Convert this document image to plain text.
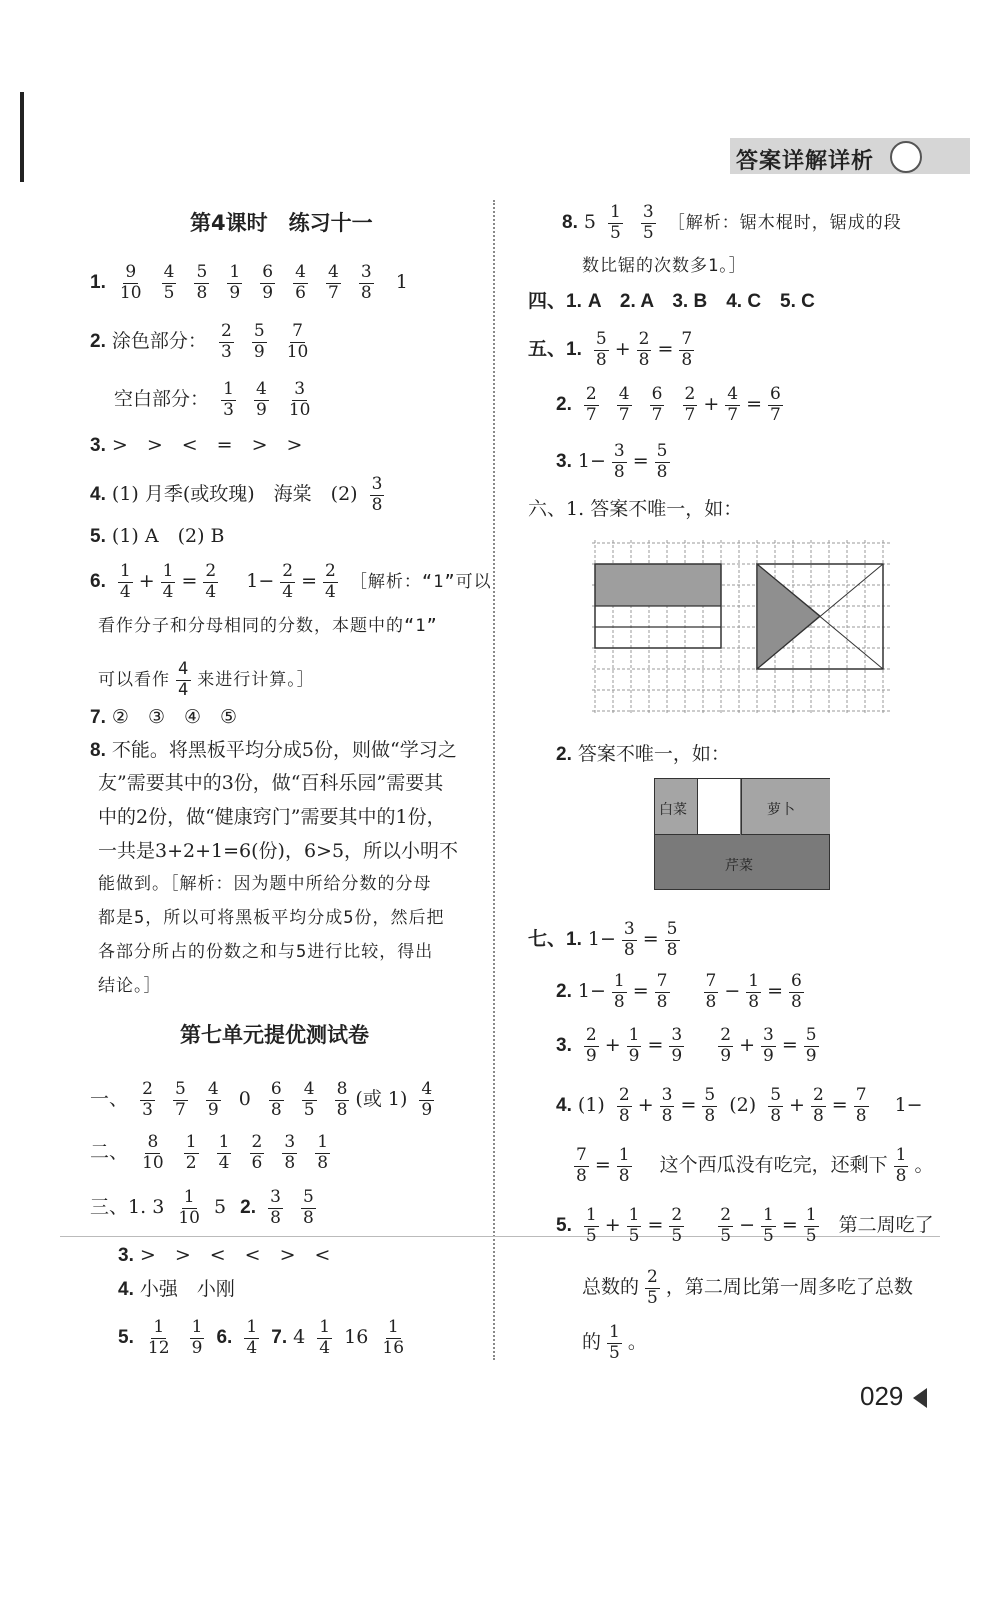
答案详解详析
第4课时　练习十一
1. $\frac{9}{10}$
$\frac{4}{5}$
$\frac{5}{8}$
$\frac{1}{9}$
$\frac{6}{9}$
$\frac{4}{6}$
$\frac{4}{7}$
$\frac{3}{8} 1$
2. 涂色部分： $\frac{2}{3}$
$\frac{5}{9}$
$\frac{7}{10}$
空白部分： $\frac{1}{3}$
$\frac{4}{9}$
$\frac{3}{10}$
3. >　>　<　=　>　>
4. (1) 月季(或玫瑰)　海棠　$(2) \frac{3}{8}$
5. (1) A　(2) B
6. $\frac{1}{4} + \frac{1}{4} = \frac{2}{4} 1- \frac{2}{4} = \frac{2}{4}$ ［解析：“1”可以
看作分子和分母相同的分数，本题中的“1”
可以看作 $\frac{4}{4}$ 来进行计算。］
7. ②　③　④　⑤
8. 不能。将黑板平均分成5份，则做“学习之
友”需要其中的3份，做“百科乐园”需要其
中的2份，做“健康窍门”需要其中的1份，
一共是3+2+1=6(份)，6>5，所以小明不
能做到。［解析：因为题中所给分数的分母
都是5，所以可将黑板平均分成5份，然后把
各部分所占的份数之和与5进行比较，得出
结论。］
第七单元提优测试卷
一、 $\frac{2}{3}$
$\frac{5}{7}$
$\frac{4}{9} 0 \frac{6}{8}$
$\frac{4}{5}$
$\frac{8}{8}$ (或 $1) \frac{4}{9}$
二、 $\frac{8}{10}$
$\frac{1}{2}$
$\frac{1}{4}$
$\frac{2}{6}$
$\frac{3}{8}$
$\frac{1}{8}$
三、1. $3 \frac{1}{10} 5$ 2. $\frac{3}{8}$
$\frac{5}{8}$
3. >　>　<　<　>　<
4. 小强　小刚
5. $\frac{1}{12}$
$\frac{1}{9} 6$. $\frac{1}{4} 7$. $4 \frac{1}{4} 16 \frac{1}{16}$
8. $5 \frac{1}{5}$
$\frac{3}{5}$ ［解析：锯木棍时，锯成的段
数比锯的次数多1。］
四、1. A　2. A　3. B　4. C　5. C
五、1. $\frac{5}{8} + \frac{2}{8} = \frac{7}{8}$
2. $\frac{2}{7}$
$\frac{4}{7}$
$\frac{6}{7}$
$\frac{2}{7} + \frac{4}{7} = \frac{6}{7}$
3. $1- \frac{3}{8} = \frac{5}{8}$
六、1. 答案不唯一，如：
2. 答案不唯一，如：
白菜	萝卜
芹菜
七、1. $1- \frac{3}{8} = \frac{5}{8}$
2. $1- \frac{1}{8} = \frac{7}{8}$
$\frac{7}{8} - \frac{1}{8} = \frac{6}{8}$
3. $\frac{2}{9} + \frac{1}{9} = \frac{3}{9}$
$\frac{2}{9} + \frac{3}{9} = \frac{5}{9}$
4. $(1) \frac{2}{8} + \frac{3}{8} = \frac{5}{8} (2) \frac{5}{8} + \frac{2}{8} = \frac{7}{8} 1-$
$\frac{7}{8} = \frac{1}{8}$ 这个西瓜没有吃完，还剩下 $\frac{1}{8}$ 。
5. $\frac{1}{5} + \frac{1}{5} = \frac{2}{5}$
$\frac{2}{5} - \frac{1}{5} = \frac{1}{5}$ 第二周吃了
总数的 $\frac{2}{5}$ ，第二周比第一周多吃了总数
的 $\frac{1}{5}$ 。
029
